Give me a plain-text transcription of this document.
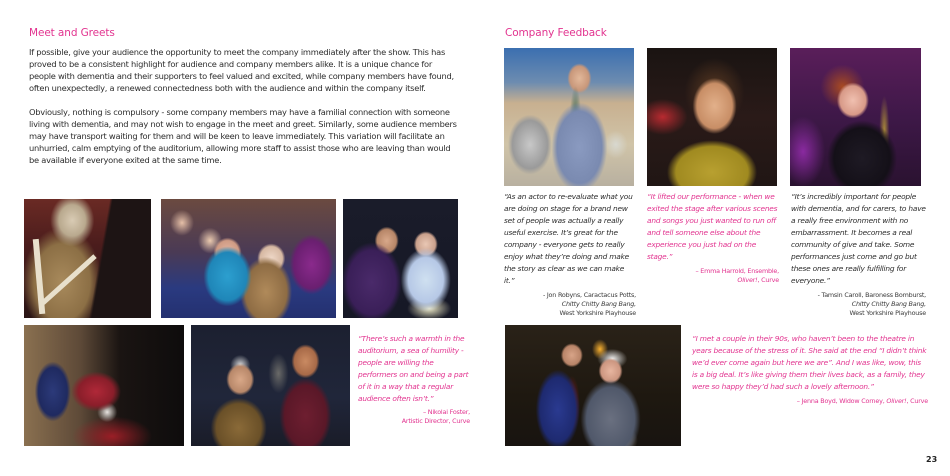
Meet and Greets

If possible, give your audience the opportunity to meet the company immediately after the show. This has proved to be a consistent highlight for audience and company members alike. It is a unique chance for people with dementia and their supporters to feel valued and excited, while company members have found, often unexpectedly, a renewed connectedness both with the audience and within the company itself.

Obviously, nothing is compulsory - some company members may have a familial connection with someone living with dementia, and may not wish to engage in the meet and greet. Similarly, some audience members may have transport waiting for them and will be keen to leave immediately. This variation will facilitate an unhurried, calm emptying of the auditorium, allowing more staff to assist those who are leaving than would be available if everyone exited at the same time.

“There’s such a warmth in the auditorium, a sea of humility - people are willing the performers on and being a part of it in a way that a regular audience often isn’t.”
– Nikolai Foster,
Artistic Director, Curve
Company Feedback
“As an actor to re-evaluate what you are doing on stage for a brand new set of people was actually a really useful exercise. It’s great for the company - everyone gets to really enjoy what they’re doing and make the story as clear as we can make it.”
- Jon Robyns, Caractacus Potts,
Chitty Chitty Bang Bang,
West Yorkshire Playhouse
“It lifted our performance - when we exited the stage after various scenes and songs you just wanted to run off and tell someone else about the experience you just had on the stage.”
– Emma Harrold, Ensemble,
Oliver!, Curve
“It’s incredibly important for people with dementia, and for carers, to have a really free environment with no embarrassment. It becomes a real community of give and take. Some performances just come and go but these ones are really fulfilling for everyone.”
- Tamsin Caroll, Baroness Bomburst,
Chitty Chitty Bang Bang,
West Yorkshire Playhouse
“I met a couple in their 90s, who haven’t been to the theatre in years because of the stress of it. She said at the end “I didn’t think we’d ever come again but here we are”. And I was like, wow, this is a big deal. It’s like giving them their lives back, as a family, they were so happy they’d had such a lovely afternoon.”
– Jenna Boyd, Widow Corney, Oliver!, Curve
23
